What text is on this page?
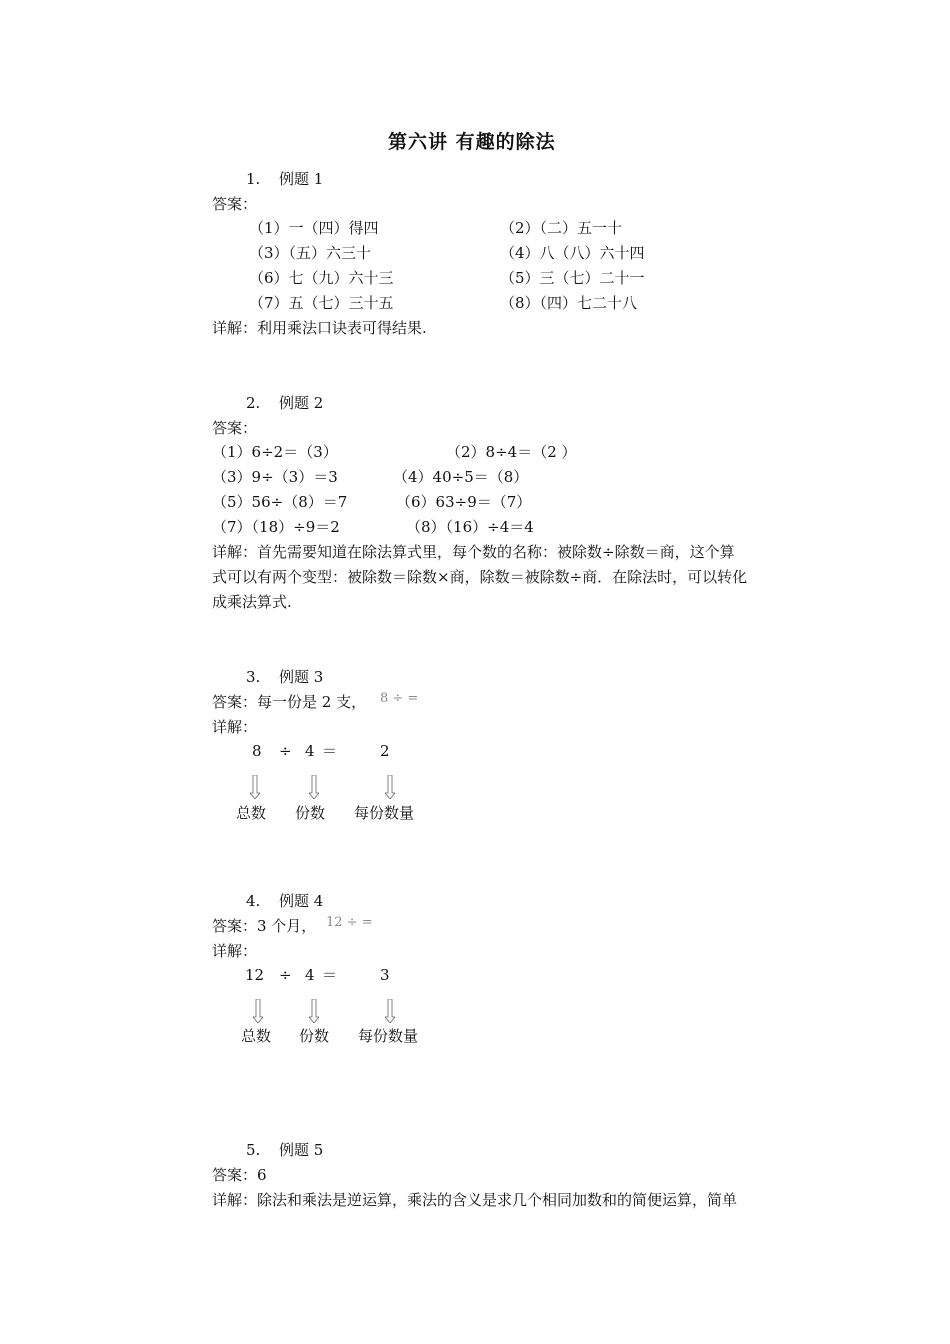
第六讲 有趣的除法
1. 例题 1
答案：
（1）一（四）得四	（2）（二）五一十
（3）（五）六三十	（4）八（八）六十四
（6）七（九）六十三	（5）三（七）二十一
（7）五（七）三十五	（8）（四）七二十八
详解：利用乘法口诀表可得结果.
2. 例题 2
答案：
（1）6÷2＝（3）	（2）8÷4＝（2 ）
（3）9÷（3）＝3	（4）40÷5＝（8）
（5）56÷（8）＝7	（6）63÷9＝（7）
（7）（18）÷9＝2	（8）（16）÷4＝4
详解：首先需要知道在除法算式里，每个数的名称：被除数÷除数＝商，这个算
式可以有两个变型：被除数＝除数×商，除数＝被除数÷商．在除法时，可以转化
成乘法算式.
3. 例题 3
答案：每一份是 2 支， 8 ÷ =
详解：
8 ÷ 4 ＝	2
总数 份数 每份数量
4. 例题 4
答案：3 个月， 12 ÷ =
详解：
12 ÷ 4 ＝	3
总数 份数 每份数量
5. 例题 5
答案：6
详解：除法和乘法是逆运算，乘法的含义是求几个相同加数和的简便运算，简单
